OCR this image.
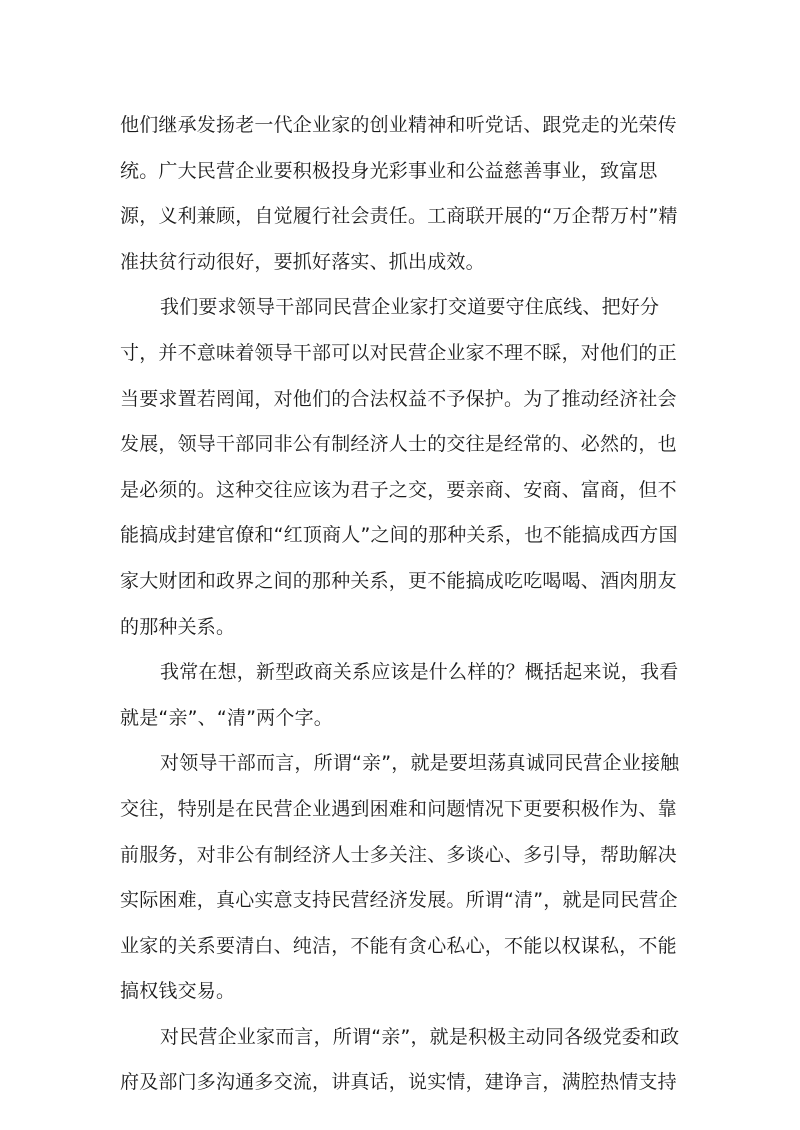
他们继承发扬老一代企业家的创业精神和听党话、跟党走的光荣传
统。广大民营企业要积极投身光彩事业和公益慈善事业，致富思
源，义利兼顾，自觉履行社会责任。工商联开展的“万企帮万村”精
准扶贫行动很好，要抓好落实、抓出成效。
我们要求领导干部同民营企业家打交道要守住底线、把好分
寸，并不意味着领导干部可以对民营企业家不理不睬，对他们的正
当要求置若罔闻，对他们的合法权益不予保护。为了推动经济社会
发展，领导干部同非公有制经济人士的交往是经常的、必然的，也
是必须的。这种交往应该为君子之交，要亲商、安商、富商，但不
能搞成封建官僚和“红顶商人”之间的那种关系，也不能搞成西方国
家大财团和政界之间的那种关系，更不能搞成吃吃喝喝、酒肉朋友
的那种关系。
我常在想，新型政商关系应该是什么样的？概括起来说，我看
就是“亲”、“清”两个字。
对领导干部而言，所谓“亲”，就是要坦荡真诚同民营企业接触
交往，特别是在民营企业遇到困难和问题情况下更要积极作为、靠
前服务，对非公有制经济人士多关注、多谈心、多引导，帮助解决
实际困难，真心实意支持民营经济发展。所谓“清”，就是同民营企
业家的关系要清白、纯洁，不能有贪心私心，不能以权谋私，不能
搞权钱交易。
对民营企业家而言，所谓“亲”，就是积极主动同各级党委和政
府及部门多沟通多交流，讲真话，说实情，建诤言，满腔热情支持
